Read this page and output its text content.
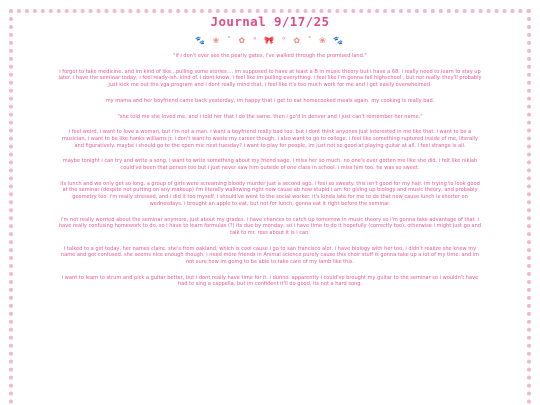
Journal 9/17/25
🐾 ❀ ˚ ✿ ° 🎀 ° ✿ ˚ ❀ 🐾

"if i don't ever see the pearly gates, i've walked through the promised land."

i forgot to take medicine, and im kind of like...pulling some stories.... im supposed to have at least a B in music theory but i have a 68. i really need to learn to stay up later. i have the seminar today, i feel ready-ish. kind of. i dont know, i feel like im pulling everything. i feel like i'm gonna fail highschool , but not really. they'll probably just kick me out the vga program and i dont really mind that, i feel like it's too much work for me and i get easily overwhelmed.

my mama and her boyfriend came back yesterday, im happy that i get to eat homecooked meals again. my cooking is really bad.

"she told me she loved me, and i told her that i do the same. then i go'd in denver and i just can't remember her name."

i feel weird, i want to love a woman, but i'm not a man. i want a boyfriend really bad too, but i dont think anyones just interested in me like that. i want to be a musician, i want to be like hanks williams jr. i don't want to waste my career though, i also want to go to college. i feel like something ruptured inside of me, literally and figuratively. maybe i should go to the open mic next tuesday? i want to play for people, im just not so good at playing guitar at all. i feel strange is all.

maybe tonight i can try and write a song, i want to write something about my friend sage. i miss her so much. no one's ever gotten me like she did. i felt like niklah could've been that person too but i just never saw him outside of one class in school. i miss him too. he was so sweet.

its lunch and we only get so long, a group of girls were screaming bloody murder just a second ago. i feel so sweaty. this isn't good for my hair. im trying to look good at the seminar (despite not putting on any makeup) i'm literally wallowing right now cause ab how stupid i am for giving up biology and music theory, and probably geometry too. i'm really stressed, and i did it too myself. i should've went to the social worker. it's kinda late for me to do that now cause lunch is shorter on wednesdays. i brought an apple to eat, but not for lunch, gonna eat it right before the seminar.

i'm not really worried about the seminar anymore, just about my grades. i have chances to catch up tomorrow in music theory so i'm gonna take advantage of that. i have really confusing homework to do, so i have to learn formulas (?) its due by monday, so i have time to do it hopefully (correctly too). otherwise i might just go and talk to mr. ross about it is i can.

i talked to a girl today, her names claire. she's from oakland, which is cool cause i go to san francisco alot. i have biology with her too, i didn't realize she knew my name and got confused. she seems nice enough though. i need more friends in Animal science purely cause this choir stuff is gonna take up a lot of my time. and im not sure how im going to be able to take care of my lamb like this.

i want to learn to strum and pick a guitar better, but i dont really have time for it. i dunno. apparently i could've brought my guitar to the seminar so i wouldn't have had to sing a cappella, but im confident it'll do good, its not a hard song.
